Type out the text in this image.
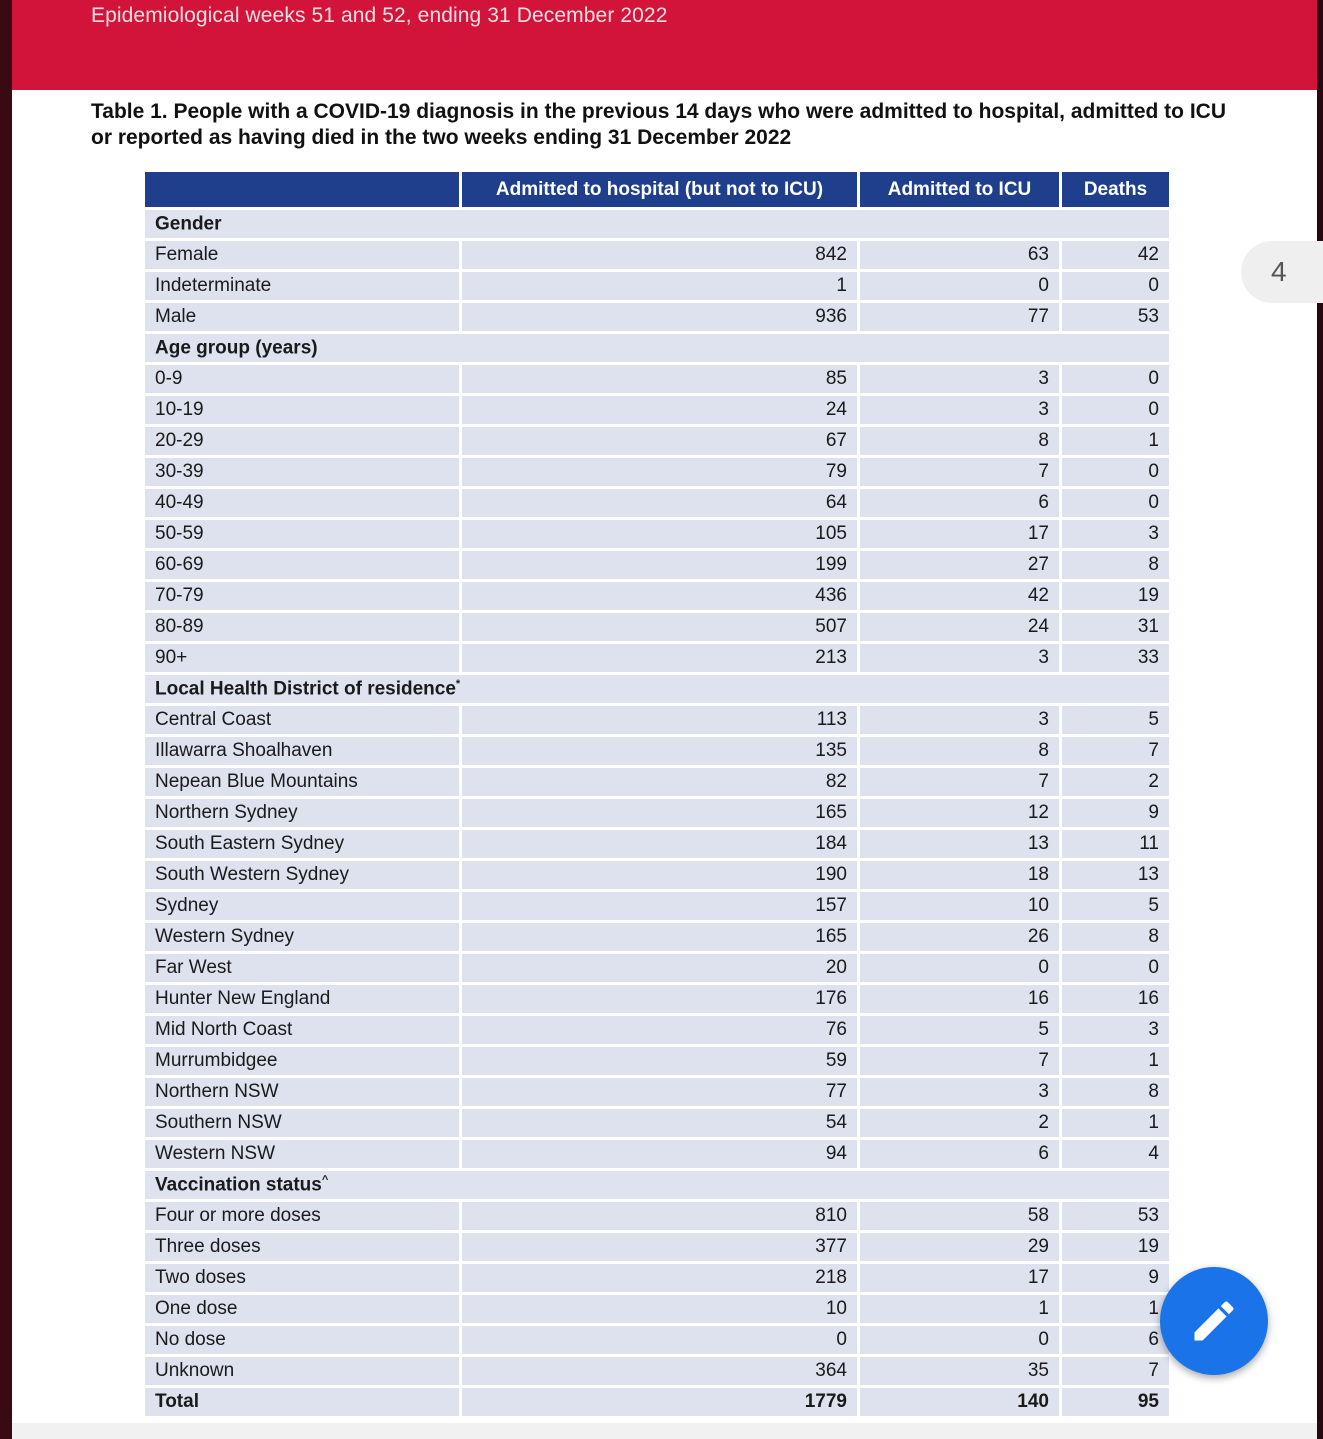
Epidemiological weeks 51 and 52, ending 31 December 2022
Table 1. People with a COVID-19 diagnosis in the previous 14 days who were admitted to hospital, admitted to ICU or reported as having died in the two weeks ending 31 December 2022
	Admitted to hospital (but not to ICU)	Admitted to ICU	Deaths
Gender			
Female	842	63	42
Indeterminate	1	0	0
Male	936	77	53
Age group (years)			
0-9	85	3	0
10-19	24	3	0
20-29	67	8	1
30-39	79	7	0
40-49	64	6	0
50-59	105	17	3
60-69	199	27	8
70-79	436	42	19
80-89	507	24	31
90+	213	3	33
Local Health District of residence*
Central Coast	113	3	5
Illawarra Shoalhaven	135	8	7
Nepean Blue Mountains	82	7	2
Northern Sydney	165	12	9
South Eastern Sydney	184	13	11
South Western Sydney	190	18	13
Sydney	157	10	5
Western Sydney	165	26	8
Far West	20	0	0
Hunter New England	176	16	16
Mid North Coast	76	5	3
Murrumbidgee	59	7	1
Northern NSW	77	3	8
Southern NSW	54	2	1
Western NSW	94	6	4
Vaccination status^
Four or more doses	810	58	53
Three doses	377	29	19
Two doses	218	17	9
One dose	10	1	1
No dose	0	0	6
Unknown	364	35	7
Total	1779	140	95
4
